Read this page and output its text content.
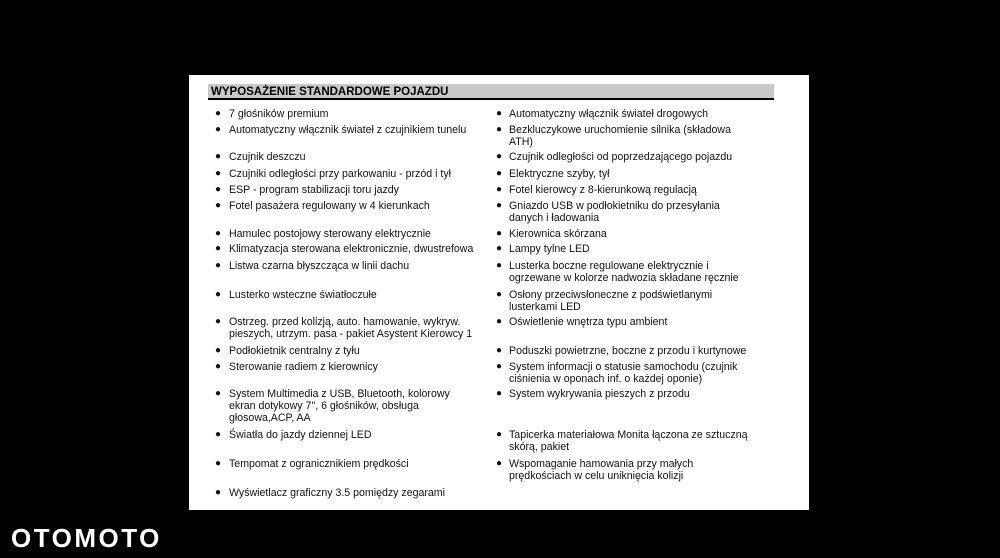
WYPOSAŻENIE STANDARDOWE POJAZDU
● 7 głośników premium
● Automatyczny włącznik świateł z czujnikiem tunelu
● Czujnik deszczu
● Czujniki odległości przy parkowaniu - przód i tył
● ESP - program stabilizacji toru jazdy
● Fotel pasażera regulowany w 4 kierunkach
● Hamulec postojowy sterowany elektrycznie
● Klimatyzacja sterowana elektronicznie, dwustrefowa
● Listwa czarna błyszcząca w linii dachu
● Lusterko wsteczne światłoczułe
● Ostrzeg. przed kolizją, auto. hamowanie, wykryw.
pieszych, utrzym. pasa - pakiet Asystent Kierowcy 1
● Podłokietnik centralny z tyłu
● Sterowanie radiem z kierownicy
● System Multimedia z USB, Bluetooth, kolorowy
ekran dotykowy 7", 6 głośników, obsługa
głosowa,ACP, AA
● Światła do jazdy dziennej LED
● Tempomat z ogranicznikiem prędkości
● Wyświetlacz graficzny 3.5 pomiędzy zegarami
● Automatyczny włącznik świateł drogowych
● Bezkluczykowe uruchomienie silnika (składowa
ATH)
● Czujnik odległości od poprzedzającego pojazdu
● Elektryczne szyby, tył
● Fotel kierowcy z 8-kierunkową regulacją
● Gniazdo USB w podłokietniku do przesyłania
danych i ładowania
● Kierownica skórzana
● Lampy tylne LED
● Lusterka boczne regulowane elektrycznie i
ogrzewane w kolorze nadwozia składane ręcznie
● Osłony przeciwsłoneczne z podświetlanymi
lusterkami LED
● Oświetlenie wnętrza typu ambient
● Poduszki powietrzne, boczne z przodu i kurtynowe
● System informacji o statusie samochodu (czujnik
ciśnienia w oponach inf. o każdej oponie)
● System wykrywania pieszych z przodu
● Tapicerka materiałowa Monita łączona ze sztuczną
skórą, pakiet
● Wspomaganie hamowania przy małych
prędkościach w celu uniknięcia kolizji
OTOMOTO
